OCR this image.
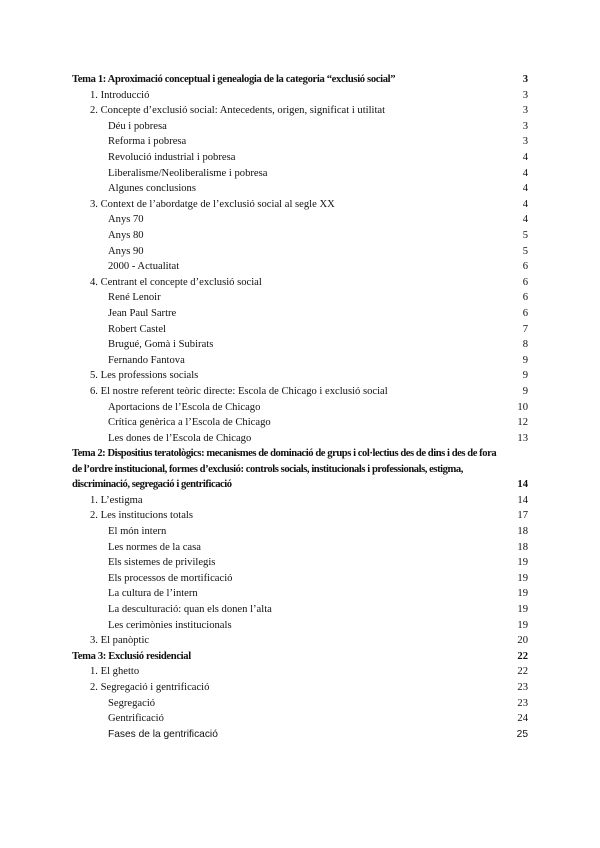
Tema 1: Aproximació conceptual i genealogia de la categoria “exclusió social”	3
1. Introducció	3
2. Concepte d’exclusió social: Antecedents, origen, significat i utilitat	3
Déu i pobresa	3
Reforma i pobresa	3
Revolució industrial i pobresa	4
Liberalisme/Neoliberalisme i pobresa	4
Algunes conclusions	4
3. Context de l’abordatge de l’exclusió social al segle XX	4
Anys 70	4
Anys 80	5
Anys 90	5
2000 - Actualitat	6
4. Centrant el concepte d’exclusió social	6
René Lenoir	6
Jean Paul Sartre	6
Robert Castel	7
Brugué, Gomà i Subirats	8
Fernando Fantova	9
5. Les professions socials	9
6. El nostre referent teòric directe: Escola de Chicago i exclusió social	9
Aportacions de l’Escola de Chicago	10
Crítica genèrica a l’Escola de Chicago	12
Les dones de l’Escola de Chicago	13
Tema 2: Dispositius teratològics: mecanismes de dominació de grups i col·lectius des de dins i des de fora de l’ordre institucional, formes d’exclusió: controls socials, institucionals i professionals, estigma, discriminació, segregació i gentrificació	14
1. L’estigma	14
2. Les institucions totals	17
El món intern	18
Les normes de la casa	18
Els sistemes de privilegis	19
Els processos de mortificació	19
La cultura de l’intern	19
La desculturació: quan els donen l’alta	19
Les cerimònies institucionals	19
3. El panòptic	20
Tema 3: Exclusió residencial	22
1. El ghetto	22
2. Segregació i gentrificació	23
Segregació	23
Gentrificació	24
Fases de la gentrificació	25
